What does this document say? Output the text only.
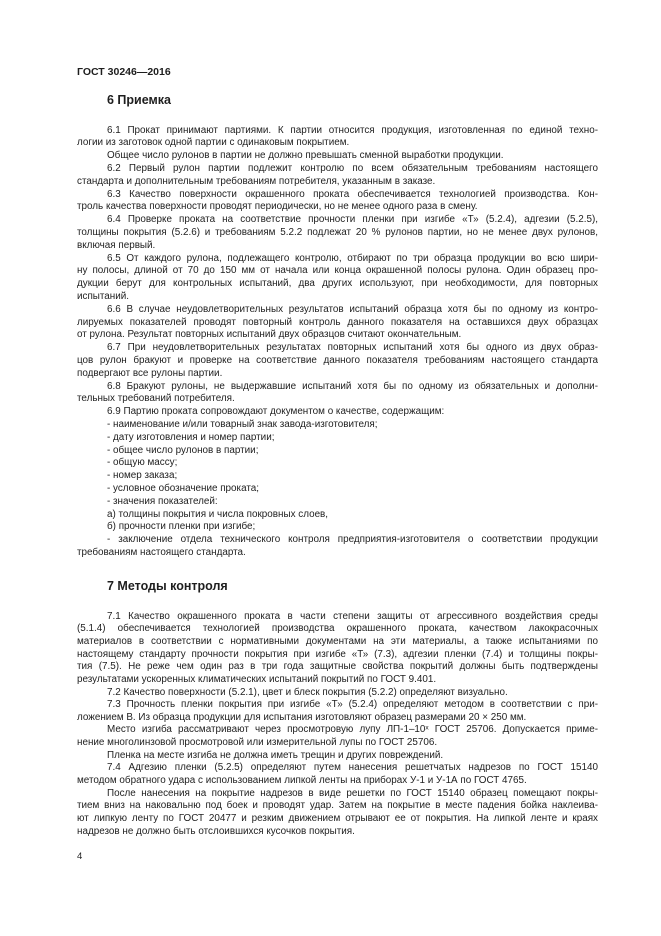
ГОСТ 30246—2016
6 Приемка
6.1 Прокат принимают партиями. К партии относится продукция, изготовленная по единой техно-
логии из заготовок одной партии с одинаковым покрытием.
Общее число рулонов в партии не должно превышать сменной выработки продукции.
6.2 Первый рулон партии подлежит контролю по всем обязательным требованиям настоящего
стандарта и дополнительным требованиям потребителя, указанным в заказе.
6.3 Качество поверхности окрашенного проката обеспечивается технологией производства. Кон-
троль качества поверхности проводят периодически, но не менее одного раза в смену.
6.4 Проверке проката на соответствие прочности пленки при изгибе «Т» (5.2.4), адгезии (5.2.5),
толщины покрытия (5.2.6) и требованиям 5.2.2 подлежат 20 % рулонов партии, но не менее двух рулонов,
включая первый.
6.5 От каждого рулона, подлежащего контролю, отбирают по три образца продукции во всю шири-
ну полосы, длиной от 70 до 150 мм от начала или конца окрашенной полосы рулона. Один образец про-
дукции берут для контрольных испытаний, два других используют, при необходимости, для повторных
испытаний.
6.6 В случае неудовлетворительных результатов испытаний образца хотя бы по одному из контро-
лируемых показателей проводят повторный контроль данного показателя на оставшихся двух образцах
от рулона. Результат повторных испытаний двух образцов считают окончательным.
6.7 При неудовлетворительных результатах повторных испытаний хотя бы одного из двух образ-
цов рулон бракуют и проверке на соответствие данного показателя требованиям настоящего стандарта
подвергают все рулоны партии.
6.8 Бракуют рулоны, не выдержавшие испытаний хотя бы по одному из обязательных и дополни-
тельных требований потребителя.
6.9 Партию проката сопровождают документом о качестве, содержащим:
- наименование и/или товарный знак завода-изготовителя;
- дату изготовления и номер партии;
- общее число рулонов в партии;
- общую массу;
- номер заказа;
- условное обозначение проката;
- значения показателей:
а) толщины покрытия и числа покровных слоев,
б) прочности пленки при изгибе;
- заключение отдела технического контроля предприятия-изготовителя о соответствии продукции
требованиям настоящего стандарта.
7 Методы контроля
7.1 Качество окрашенного проката в части степени защиты от агрессивного воздействия среды
(5.1.4) обеспечивается технологией производства окрашенного проката, качеством лакокрасочных
материалов в соответствии с нормативными документами на эти материалы, а также испытаниями по
настоящему стандарту прочности покрытия при изгибе «Т» (7.3), адгезии пленки (7.4) и толщины покры-
тия (7.5). Не реже чем один раз в три года защитные свойства покрытий должны быть подтверждены
результатами ускоренных климатических испытаний покрытий по ГОСТ 9.401.
7.2 Качество поверхности (5.2.1), цвет и блеск покрытия (5.2.2) определяют визуально.
7.3 Прочность пленки покрытия при изгибе «Т» (5.2.4) определяют методом в соответствии с при-
ложением В. Из образца продукции для испытания изготовляют образец размерами 20 × 250 мм.
Место изгиба рассматривают через просмотровую лупу ЛП-1–10ˣ ГОСТ 25706. Допускается приме-
нение многолинзовой просмотровой или измерительной лупы по ГОСТ 25706.
Пленка на месте изгиба не должна иметь трещин и других повреждений.
7.4 Адгезию пленки (5.2.5) определяют путем нанесения решетчатых надрезов по ГОСТ 15140
методом обратного удара с использованием липкой ленты на приборах У-1 и У-1А по ГОСТ 4765.
После нанесения на покрытие надрезов в виде решетки по ГОСТ 15140 образец помещают покры-
тием вниз на наковальню под боек и проводят удар. Затем на покрытие в месте падения бойка наклеива-
ют липкую ленту по ГОСТ 20477 и резким движением отрывают ее от покрытия. На липкой ленте и краях
надрезов не должно быть отслоившихся кусочков покрытия.
4
